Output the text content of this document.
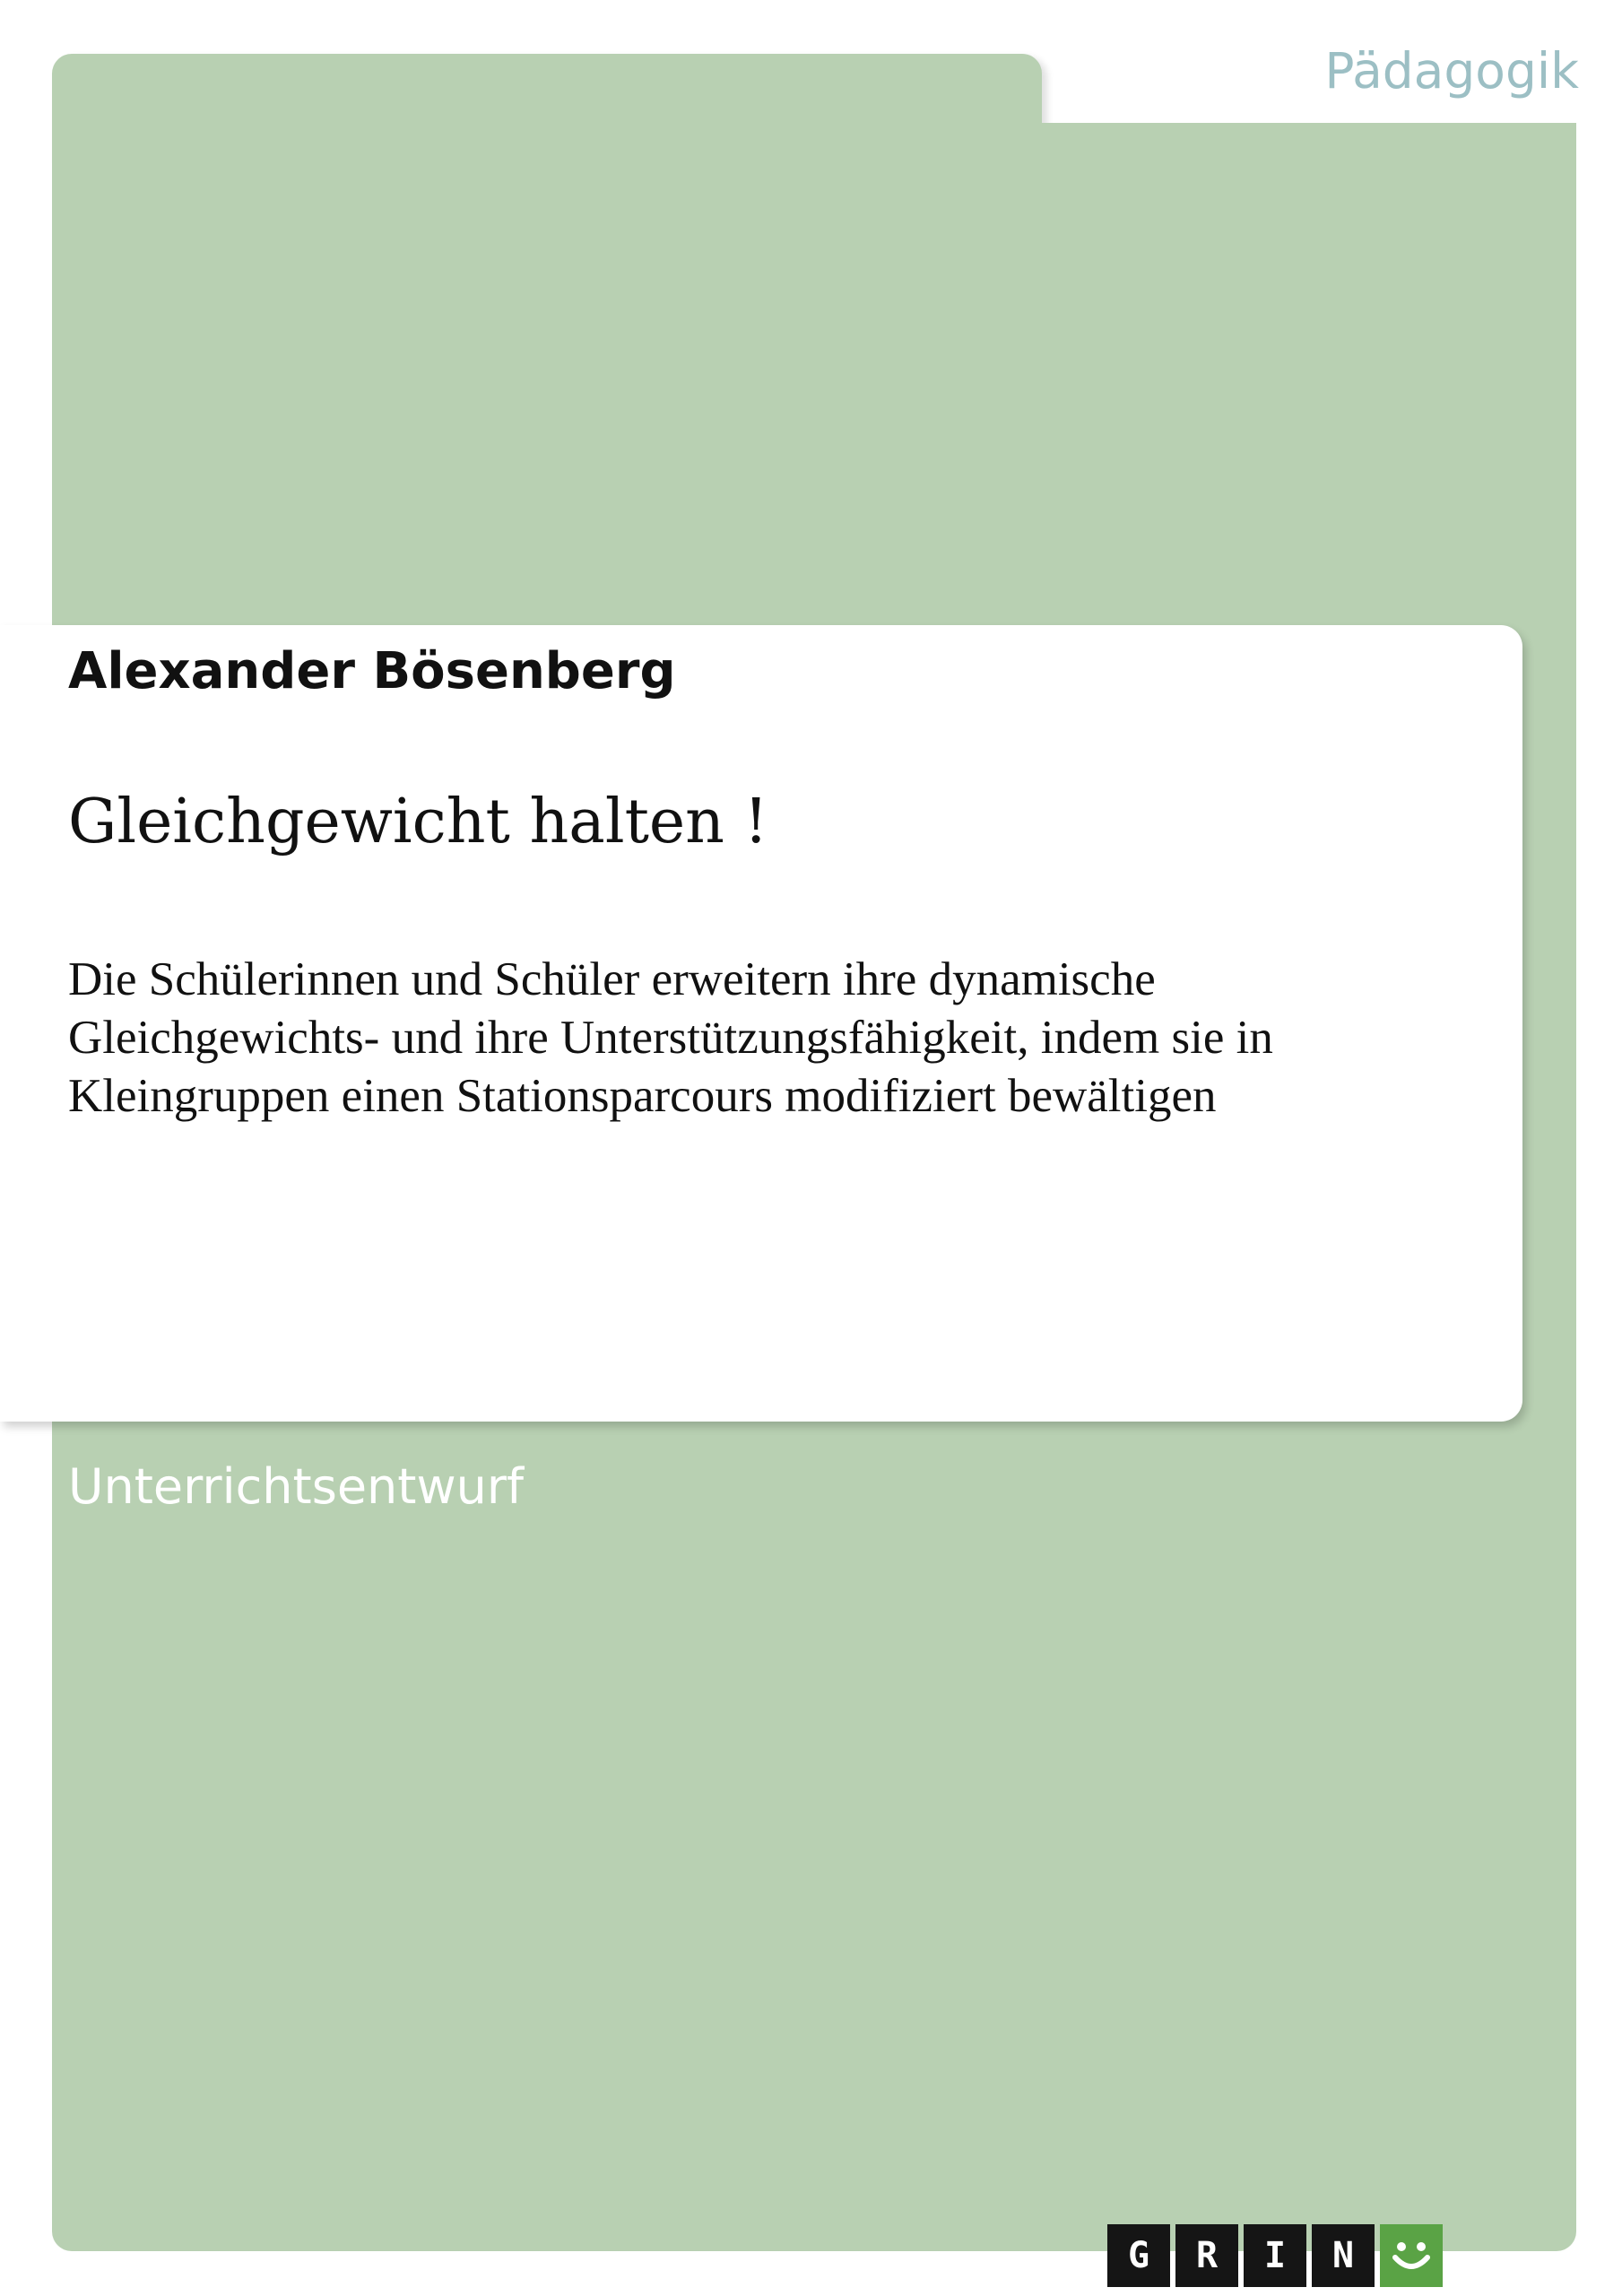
Pädagogik
Alexander Bösenberg
Gleichgewicht halten !
Die Schülerinnen und Schüler erweitern ihre dynamische Gleichgewichts- und ihre Unterstützungsfähigkeit, indem sie in Kleingruppen einen Stationsparcours modifiziert bewältigen
Unterrichtsentwurf
G	R	I	N
